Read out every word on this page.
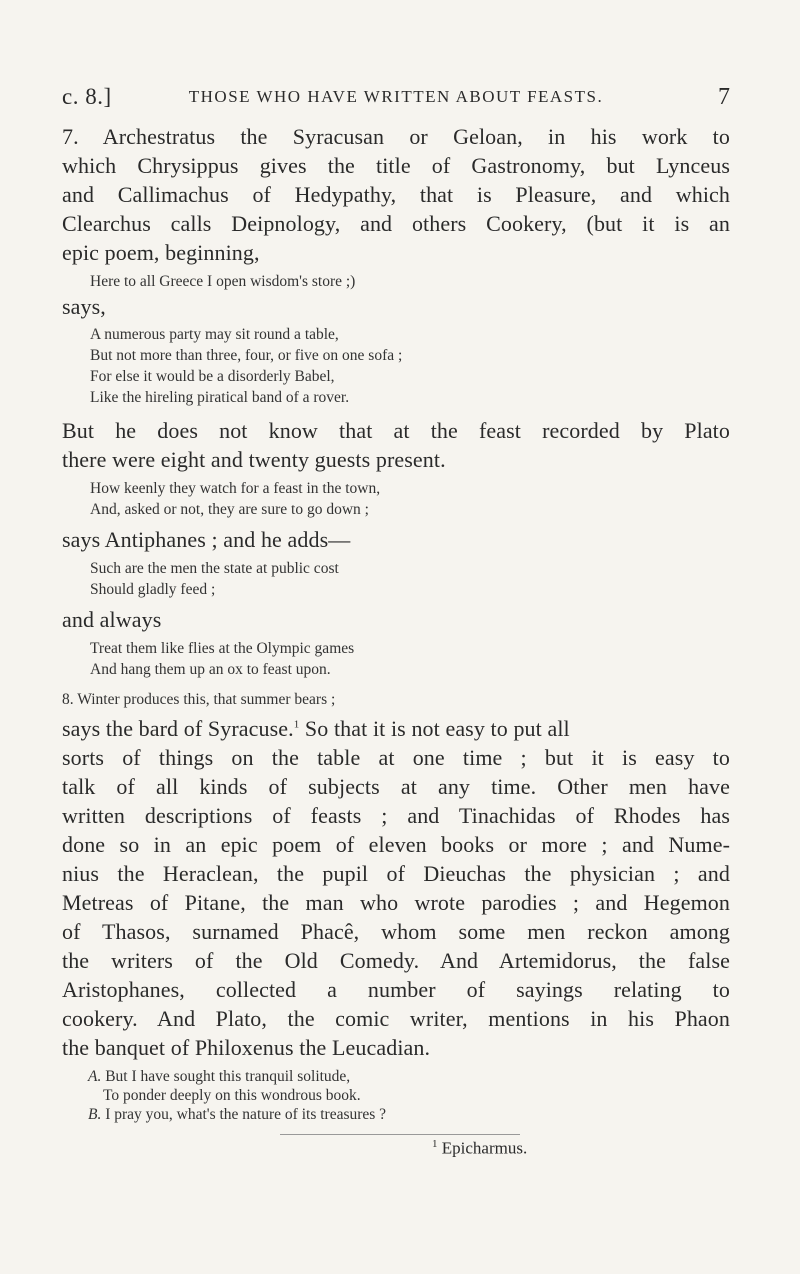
c. 8.]	THOSE WHO HAVE WRITTEN ABOUT FEASTS.	7

7. Archestratus the Syracusan or Geloan, in his work to

which Chrysippus gives the title of Gastronomy, but Lynceus

and Callimachus of Hedypathy, that is Pleasure, and which

Clearchus calls Deipnology, and others Cookery, (but it is an

epic poem, beginning,

Here to all Greece I open wisdom's store ;)

says,

A numerous party may sit round a table,

But not more than three, four, or five on one sofa ;

For else it would be a disorderly Babel,

Like the hireling piratical band of a rover.

But he does not know that at the feast recorded by Plato

there were eight and twenty guests present.

How keenly they watch for a feast in the town,

And, asked or not, they are sure to go down ;

says Antiphanes ; and he adds—

Such are the men the state at public cost

Should gladly feed ;

and always

Treat them like flies at the Olympic games

And hang them up an ox to feast upon.

8. Winter produces this, that summer bears ;

says the bard of Syracuse.$^1$ So that it is not easy to put all

sorts of things on the table at one time ; but it is easy to

talk of all kinds of subjects at any time. Other men have

written descriptions of feasts ; and Tinachidas of Rhodes has

done so in an epic poem of eleven books or more ; and Nume-

nius the Heraclean, the pupil of Dieuchas the physician ; and

Metreas of Pitane, the man who wrote parodies ; and Hegemon

of Thasos, surnamed Phacê, whom some men reckon among

the writers of the Old Comedy. And Artemidorus, the false

Aristophanes, collected a number of sayings relating to

cookery. And Plato, the comic writer, mentions in his Phaon

the banquet of Philoxenus the Leucadian.

A. But I have sought this tranquil solitude,

To ponder deeply on this wondrous book.

B. I pray you, what's the nature of its treasures ?

$^1$ Epicharmus.
